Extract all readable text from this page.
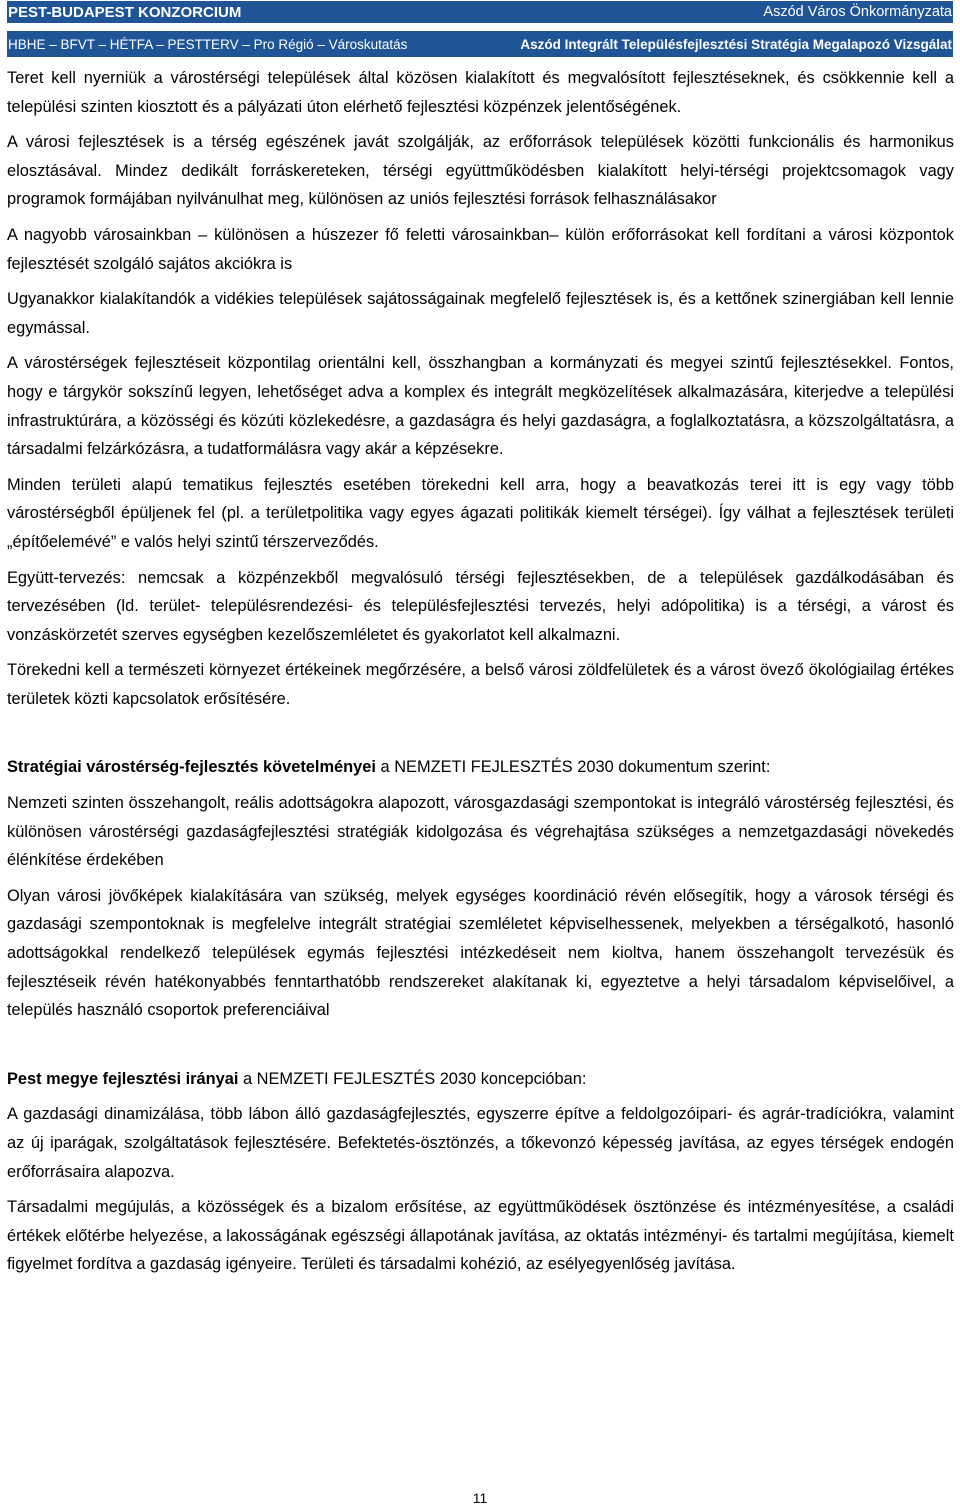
PEST-BUDAPEST KONZORCIUM	Aszód Város Önkormányzata
HBHE – BFVT – HÉTFA – PESTTERV – Pro Régió – Városkutatás	Aszód Integrált Településfejlesztési Stratégia Megalapozó Vizsgálat

Teret kell nyerniük a várostérségi települések által közösen kialakított és megvalósított fejlesztéseknek, és csökkennie kell a települési szinten kiosztott és a pályázati úton elérhető fejlesztési közpénzek jelentőségének.

A városi fejlesztések is a térség egészének javát szolgálják, az erőforrások települések közötti funkcionális és harmonikus elosztásával. Mindez dedikált forráskereteken, térségi együttműködésben kialakított helyi-térségi projektcsomagok vagy programok formájában nyilvánulhat meg, különösen az uniós fejlesztési források felhasználásakor

A nagyobb városainkban – különösen a húszezer fő feletti városainkban– külön erőforrásokat kell fordítani a városi központok fejlesztését szolgáló sajátos akciókra is

Ugyanakkor kialakítandók a vidékies települések sajátosságainak megfelelő fejlesztések is, és a kettőnek szinergiában kell lennie egymással.

A várostérségek fejlesztéseit központilag orientálni kell, összhangban a kormányzati és megyei szintű fejlesztésekkel. Fontos, hogy e tárgykör sokszínű legyen, lehetőséget adva a komplex és integrált megközelítések alkalmazására, kiterjedve a települési infrastruktúrára, a közösségi és közúti közlekedésre, a gazdaságra és helyi gazdaságra, a foglalkoztatásra, a közszolgáltatásra, a társadalmi felzárkózásra, a tudatformálásra vagy akár a képzésekre.

Minden területi alapú tematikus fejlesztés esetében törekedni kell arra, hogy a beavatkozás terei itt is egy vagy több várostérségből épüljenek fel (pl. a területpolitika vagy egyes ágazati politikák kiemelt térségei). Így válhat a fejlesztések területi „építőelemévé” e valós helyi szintű térszerveződés.

Együtt-tervezés: nemcsak a közpénzekből megvalósuló térségi fejlesztésekben, de a települések gazdálkodásában és tervezésében (ld. terület- településrendezési- és településfejlesztési tervezés, helyi adópolitika) is a térségi, a várost és vonzáskörzetét szerves egységben kezelőszemléletet és gyakorlatot kell alkalmazni.

Törekedni kell a természeti környezet értékeinek megőrzésére, a belső városi zöldfelületek és a várost övező ökológiailag értékes területek közti kapcsolatok erősítésére.

Stratégiai várostérség-fejlesztés követelményei a NEMZETI FEJLESZTÉS 2030 dokumentum szerint:

Nemzeti szinten összehangolt, reális adottságokra alapozott, városgazdasági szempontokat is integráló várostérség fejlesztési, és különösen várostérségi gazdaságfejlesztési stratégiák kidolgozása és végrehajtása szükséges a nemzetgazdasági növekedés élénkítése érdekében

Olyan városi jövőképek kialakítására van szükség, melyek egységes koordináció révén elősegítik, hogy a városok térségi és gazdasági szempontoknak is megfelelve integrált stratégiai szemléletet képviselhessenek, melyekben a térségalkotó, hasonló adottságokkal rendelkező települések egymás fejlesztési intézkedéseit nem kioltva, hanem összehangolt tervezésük és fejlesztéseik révén hatékonyabbés fenntarthatóbb rendszereket alakítanak ki, egyeztetve a helyi társadalom képviselőivel, a település használó csoportok preferenciáival

Pest megye fejlesztési irányai a NEMZETI FEJLESZTÉS 2030 koncepcióban:

A gazdasági dinamizálása, több lábon álló gazdaságfejlesztés, egyszerre építve a feldolgozóipari- és agrár-tradíciókra, valamint az új iparágak, szolgáltatások fejlesztésére. Befektetés-ösztönzés, a tőkevonzó képesség javítása, az egyes térségek endogén erőforrásaira alapozva.

Társadalmi megújulás, a közösségek és a bizalom erősítése, az együttműködések ösztönzése és intézményesítése, a családi értékek előtérbe helyezése, a lakosságának egészségi állapotának javítása, az oktatás intézményi- és tartalmi megújítása, kiemelt figyelmet fordítva a gazdaság igényeire. Területi és társadalmi kohézió, az esélyegyenlőség javítása.

11
